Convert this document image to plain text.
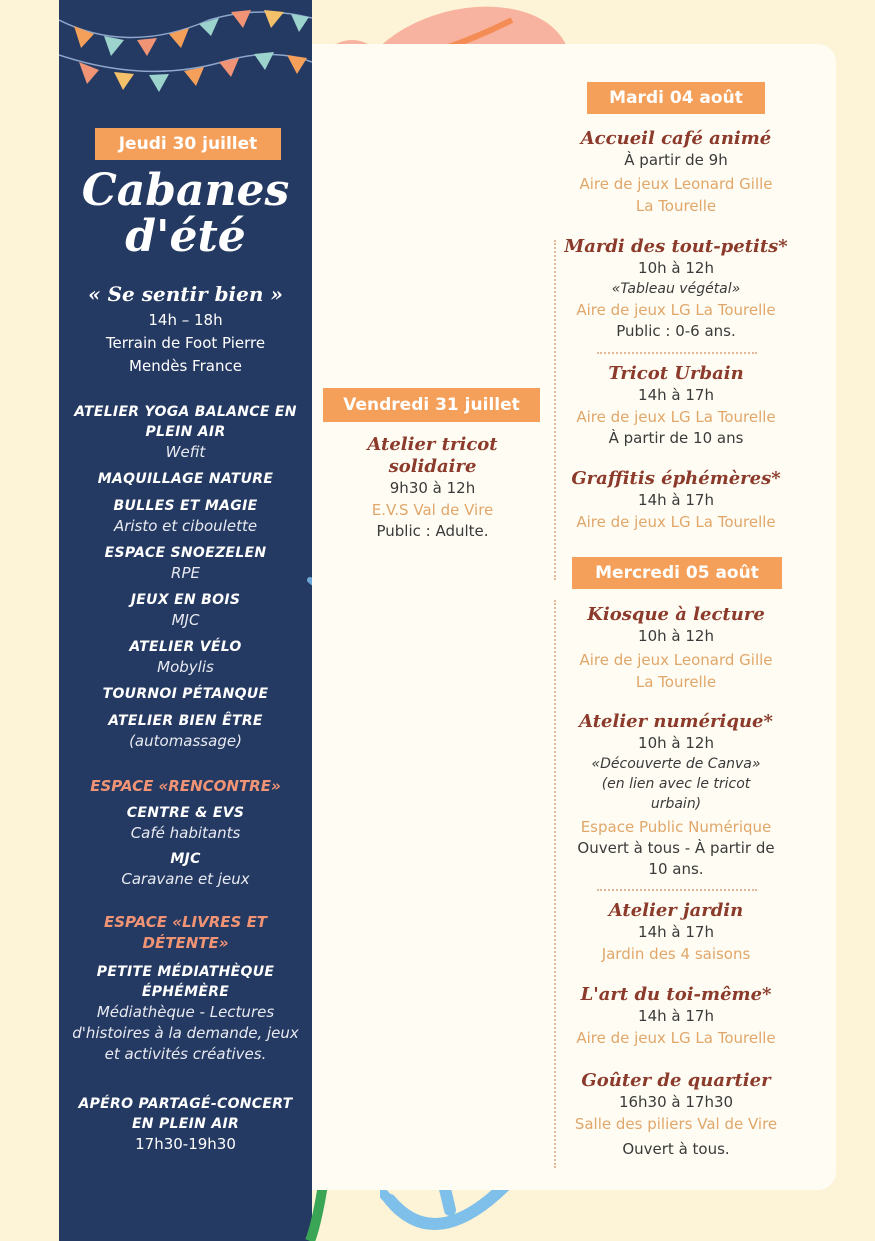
Jeudi 30 juillet
Cabanes
d'été
« Se sentir bien »
14h – 18h
Terrain de Foot Pierre Mendès France
ATELIER YOGA BALANCE EN PLEIN AIR
Wefit
MAQUILLAGE NATURE
BULLES ET MAGIE
Aristo et ciboulette
ESPACE SNOEZELEN
RPE
JEUX EN BOIS
MJC
ATELIER VÉLO
Mobylis
TOURNOI PÉTANQUE
ATELIER BIEN ÊTRE
(automassage)
ESPACE «RENCONTRE»
CENTRE & EVS
Café habitants
MJC
Caravane et jeux
ESPACE «LIVRES ET DÉTENTE»
PETITE MÉDIATHÈQUE ÉPHÉMÈRE
Médiathèque - Lectures d'histoires à la demande, jeux et activités créatives.
APÉRO PARTAGÉ-CONCERT EN PLEIN AIR
17h30-19h30
Vendredi 31 juillet
Atelier tricot solidaire
9h30 à 12h
E.V.S Val de Vire
Public : Adulte.
Mardi 04 août
Accueil café animé
À partir de 9h
Aire de jeux Leonard Gille
La Tourelle
Mardi des tout-petits*
10h à 12h
«Tableau végétal»
Aire de jeux LG La Tourelle
Public : 0-6 ans.
Tricot Urbain
14h à 17h
Aire de jeux LG La Tourelle
À partir de 10 ans
Graffitis éphémères*
14h à 17h
Aire de jeux LG La Tourelle
Mercredi 05 août
Kiosque à lecture
10h à 12h
Aire de jeux Leonard Gille
La Tourelle
Atelier numérique*
10h à 12h
«Découverte de Canva»
(en lien avec le tricot
urbain)
Espace Public Numérique
Ouvert à tous - À partir de
10 ans.
Atelier jardin
14h à 17h
Jardin des 4 saisons
L'art du toi-même*
14h à 17h
Aire de jeux LG La Tourelle
Goûter de quartier
16h30 à 17h30
Salle des piliers Val de Vire
Ouvert à tous.
